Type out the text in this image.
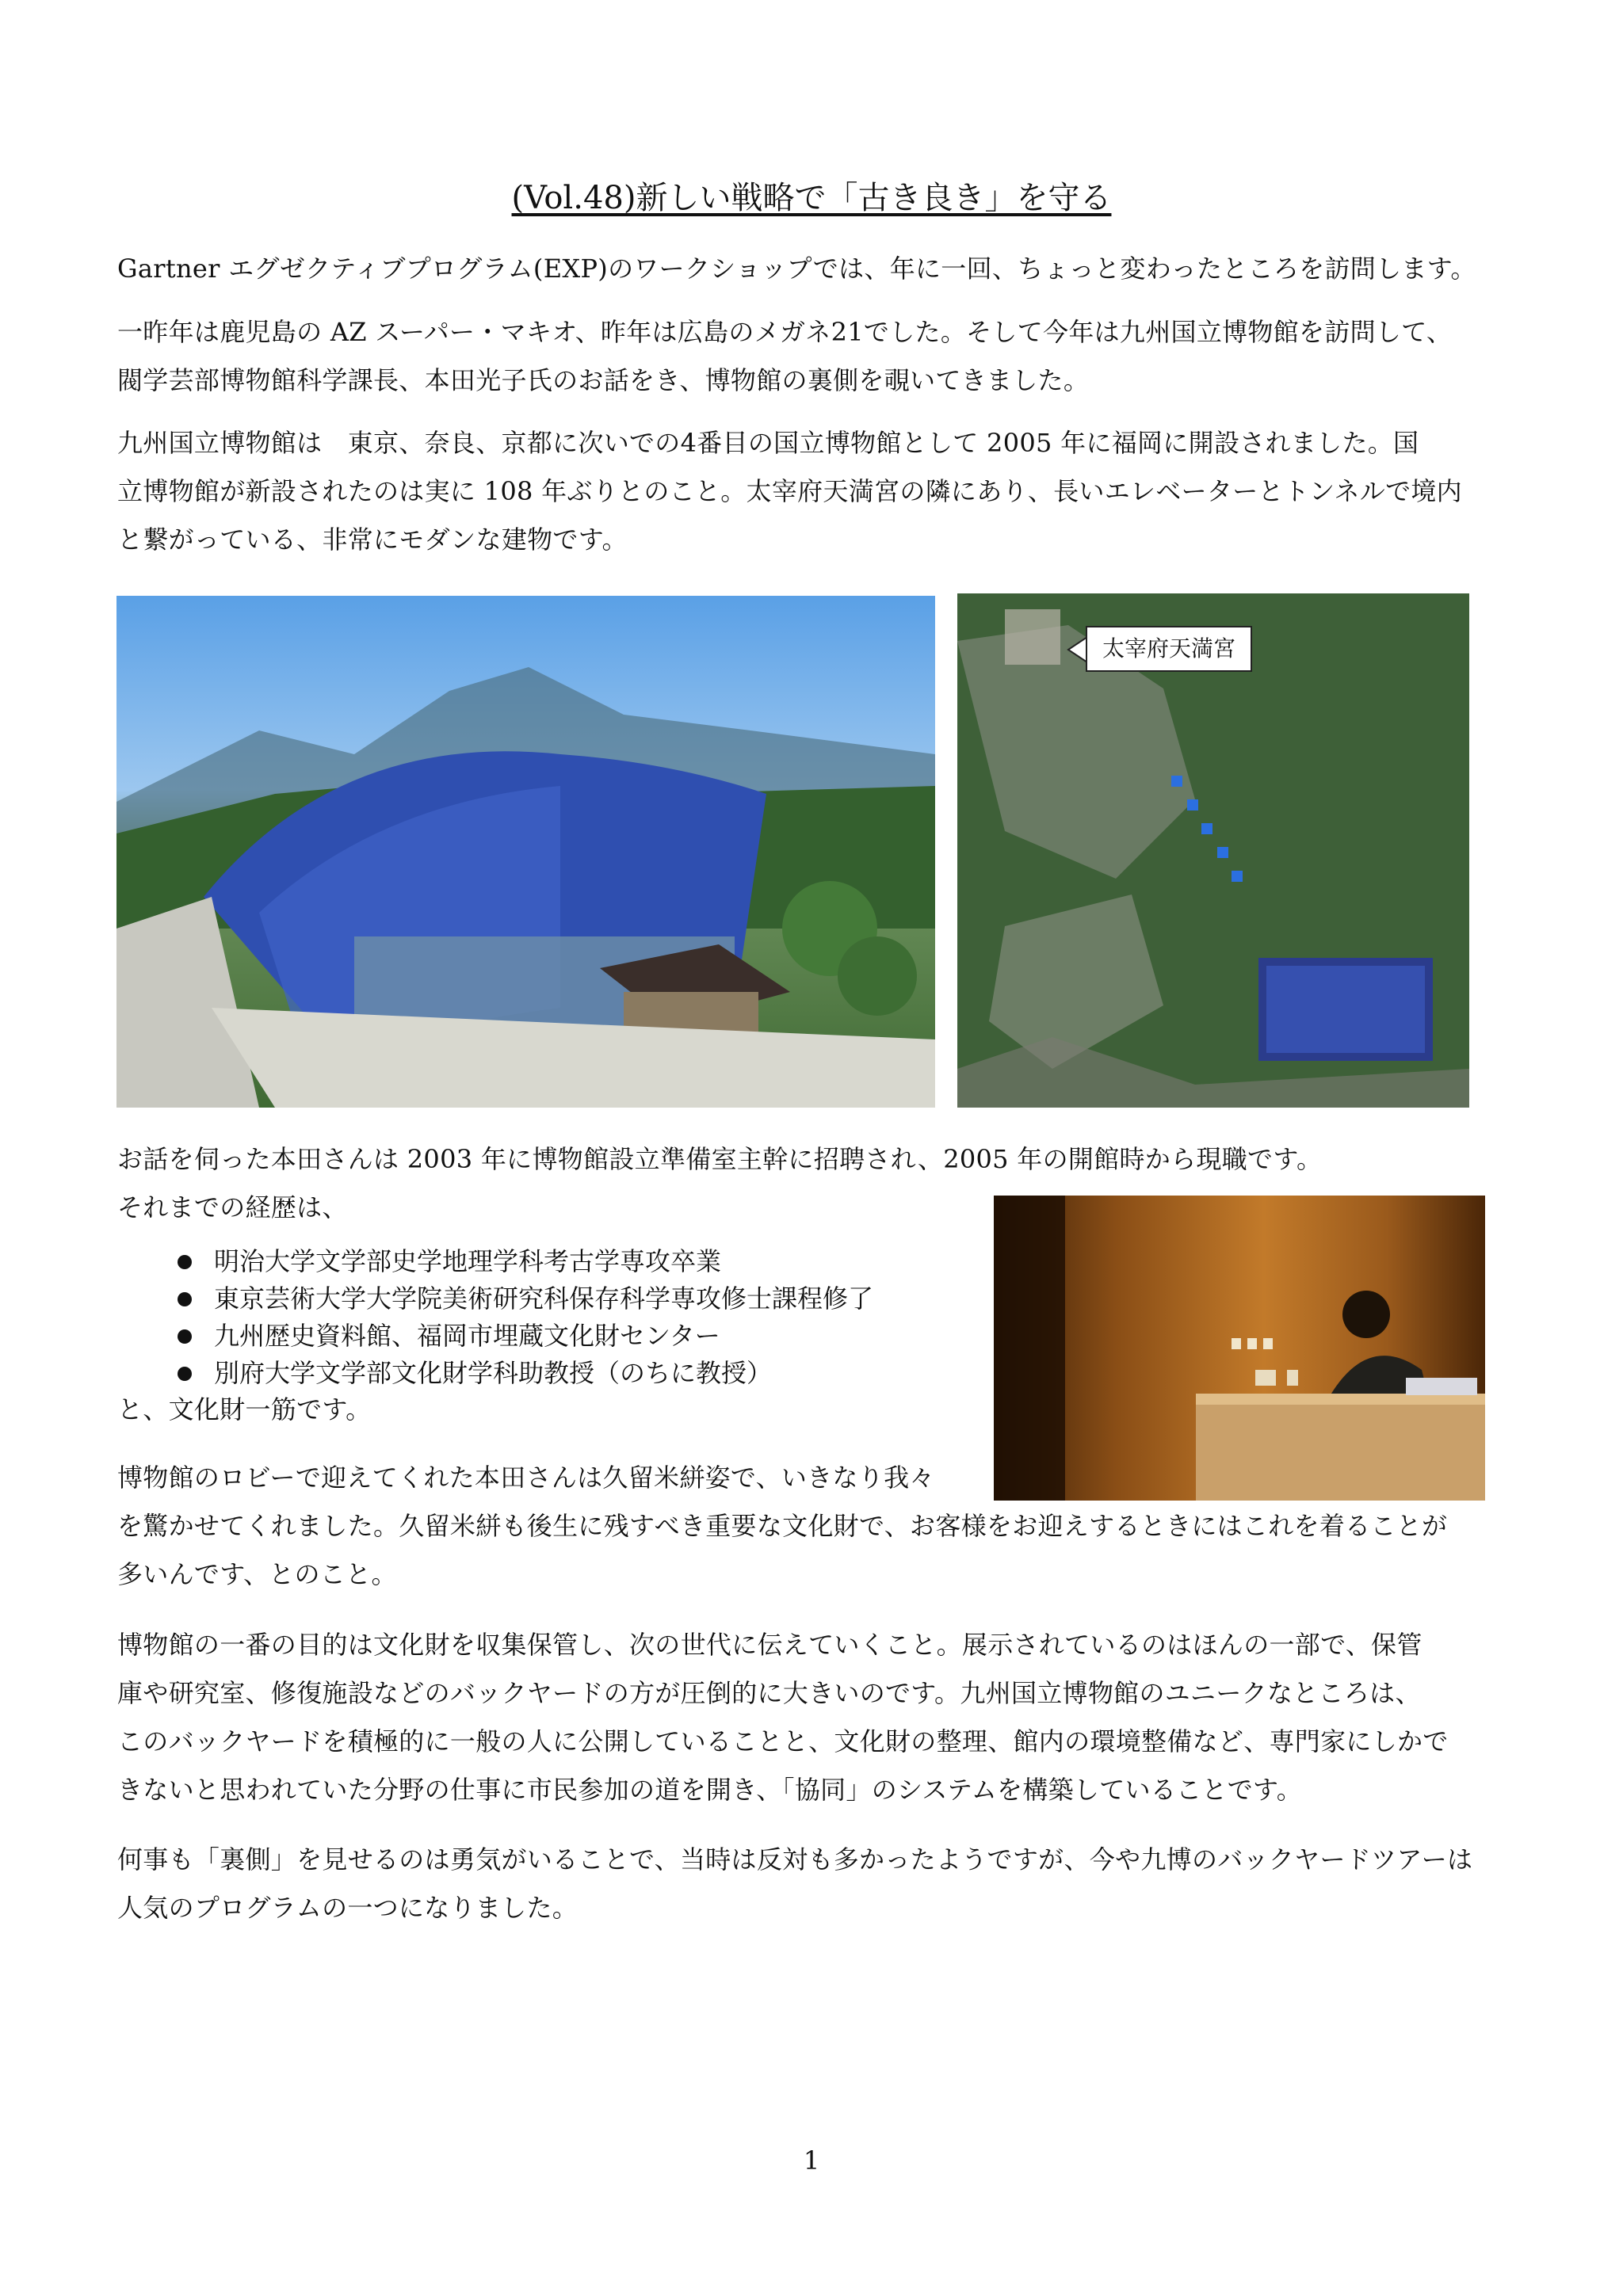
(Vol.48)新しい戦略で「古き良き」を守る

Gartner エグゼクティブプログラム(EXP)のワークショップでは、年に一回、ちょっと変わったところを訪問します。

一昨年は鹿児島の AZ スーパー・マキオ、昨年は広島のメガネ21でした。そして今年は九州国立博物館を訪問して、
閥学芸部博物館科学課長、本田光子氏のお話をき、博物館の裏側を覗いてきました。

九州国立博物館は　東京、奈良、京都に次いでの4番目の国立博物館として 2005 年に福岡に開設されました。国
立博物館が新設されたのは実に 108 年ぶりとのこと。太宰府天満宮の隣にあり、長いエレベーターとトンネルで境内
と繋がっている、非常にモダンな建物です。

太宰府天満宮

お話を伺った本田さんは 2003 年に博物館設立準備室主幹に招聘され、2005 年の開館時から現職です。
それまでの経歴は、

明治大学文学部史学地理学科考古学専攻卒業
東京芸術大学大学院美術研究科保存科学専攻修士課程修了
九州歴史資料館、福岡市埋蔵文化財センター
別府大学文学部文化財学科助教授（のちに教授）

と、文化財一筋です。

博物館のロビーで迎えてくれた本田さんは久留米絣姿で、いきなり我々
を驚かせてくれました。久留米絣も後生に残すべき重要な文化財で、お客様をお迎えするときにはこれを着ることが
多いんです、とのこと。

博物館の一番の目的は文化財を収集保管し、次の世代に伝えていくこと。展示されているのはほんの一部で、保管
庫や研究室、修復施設などのバックヤードの方が圧倒的に大きいのです。九州国立博物館のユニークなところは、
このバックヤードを積極的に一般の人に公開していることと、文化財の整理、館内の環境整備など、専門家にしかで
きないと思われていた分野の仕事に市民参加の道を開き、「協同」のシステムを構築していることです。

何事も「裏側」を見せるのは勇気がいることで、当時は反対も多かったようですが、今や九博のバックヤードツアーは
人気のプログラムの一つになりました。

1
